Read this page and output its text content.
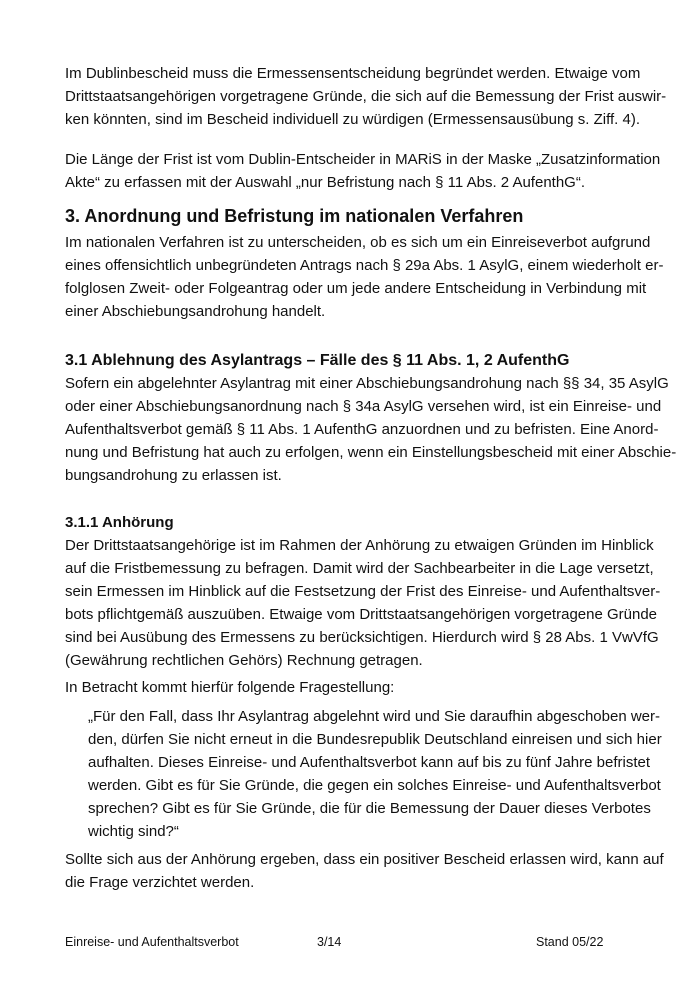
Im Dublinbescheid muss die Ermessensentscheidung begründet werden. Etwaige vom
Drittstaatsangehörigen vorgetragene Gründe, die sich auf die Bemessung der Frist auswir-
ken könnten, sind im Bescheid individuell zu würdigen (Ermessensausübung s. Ziff. 4).
Die Länge der Frist ist vom Dublin-Entscheider in MARiS in der Maske „Zusatzinformation
Akte“ zu erfassen mit der Auswahl „nur Befristung nach § 11 Abs. 2 AufenthG“.
3. Anordnung und Befristung im nationalen Verfahren
Im nationalen Verfahren ist zu unterscheiden, ob es sich um ein Einreiseverbot aufgrund
eines offensichtlich unbegründeten Antrags nach § 29a Abs. 1 AsylG, einem wiederholt er-
folglosen Zweit- oder Folgeantrag oder um jede andere Entscheidung in Verbindung mit
einer Abschiebungsandrohung handelt.
3.1 Ablehnung des Asylantrags – Fälle des § 11 Abs. 1, 2 AufenthG
Sofern ein abgelehnter Asylantrag mit einer Abschiebungsandrohung nach §§ 34, 35 AsylG
oder einer Abschiebungsanordnung nach § 34a AsylG versehen wird, ist ein Einreise- und
Aufenthaltsverbot gemäß § 11 Abs. 1 AufenthG anzuordnen und zu befristen. Eine Anord-
nung und Befristung hat auch zu erfolgen, wenn ein Einstellungsbescheid mit einer Abschie-
bungsandrohung zu erlassen ist.
3.1.1 Anhörung
Der Drittstaatsangehörige ist im Rahmen der Anhörung zu etwaigen Gründen im Hinblick
auf die Fristbemessung zu befragen. Damit wird der Sachbearbeiter in die Lage versetzt,
sein Ermessen im Hinblick auf die Festsetzung der Frist des Einreise- und Aufenthaltsver-
bots pflichtgemäß auszuüben. Etwaige vom Drittstaatsangehörigen vorgetragene Gründe
sind bei Ausübung des Ermessens zu berücksichtigen. Hierdurch wird § 28 Abs. 1 VwVfG
(Gewährung rechtlichen Gehörs) Rechnung getragen.
In Betracht kommt hierfür folgende Fragestellung:
„Für den Fall, dass Ihr Asylantrag abgelehnt wird und Sie daraufhin abgeschoben wer-
den, dürfen Sie nicht erneut in die Bundesrepublik Deutschland einreisen und sich hier
aufhalten. Dieses Einreise- und Aufenthaltsverbot kann auf bis zu fünf Jahre befristet
werden. Gibt es für Sie Gründe, die gegen ein solches Einreise- und Aufenthaltsverbot
sprechen? Gibt es für Sie Gründe, die für die Bemessung der Dauer dieses Verbotes
wichtig sind?“
Sollte sich aus der Anhörung ergeben, dass ein positiver Bescheid erlassen wird, kann auf
die Frage verzichtet werden.
Einreise- und Aufenthaltsverbot	3/14	Stand 05/22
